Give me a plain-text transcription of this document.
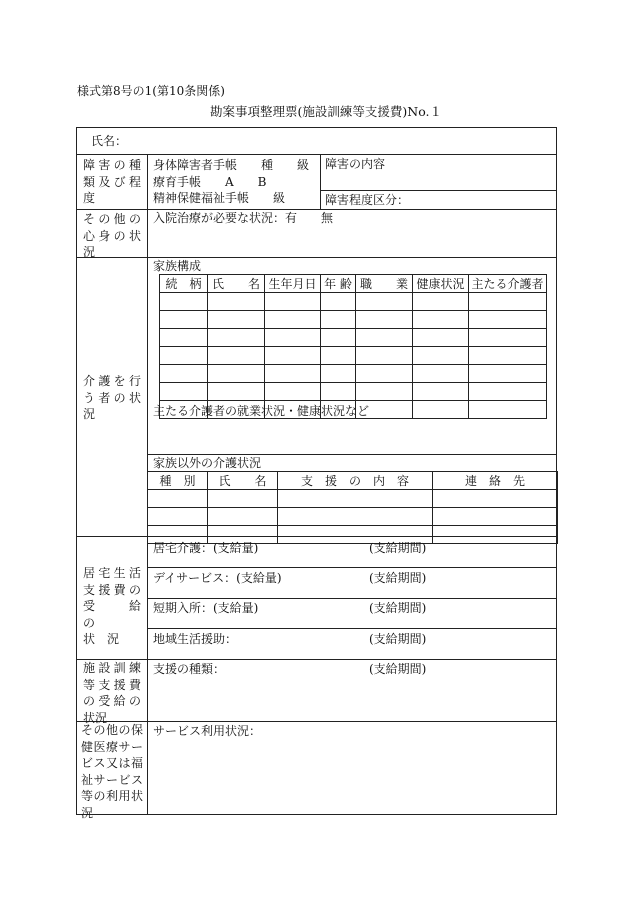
様式第8号の1(第10条関係)
勘案事項整理票(施設訓練等支援費)No.１
氏名：
障害の種
類及び程
度
身体障害者手帳　　種　　級
療育手帳　　A　　B
精神保健福祉手帳　　級
障害の内容
障害程度区分：
その他の
心身の状
況
入院治療が必要な状況：有　　無
介護を行
う者の状
況
家族構成
続　柄	氏　　名	生年月日	年 齢	職　　業	健康状況	主たる介護者

主たる介護者の就業状況・健康状況など
家族以外の介護状況
種　別	氏　　名	支　援　の　内　容	連　絡　先

居宅生活
支援費の
受　給　の
状　況
居宅介護：(支給量)	(支給期間)
デイサービス：(支給量)	(支給期間)
短期入所：(支給量)	(支給期間)
地域生活援助：	(支給期間)
施設訓練
等支援費
の受給の
状況
支援の種類：	(支給期間)
その他の保
健医療サー
ビス又は福
祉サービス
等の利用状
況
サービス利用状況：
